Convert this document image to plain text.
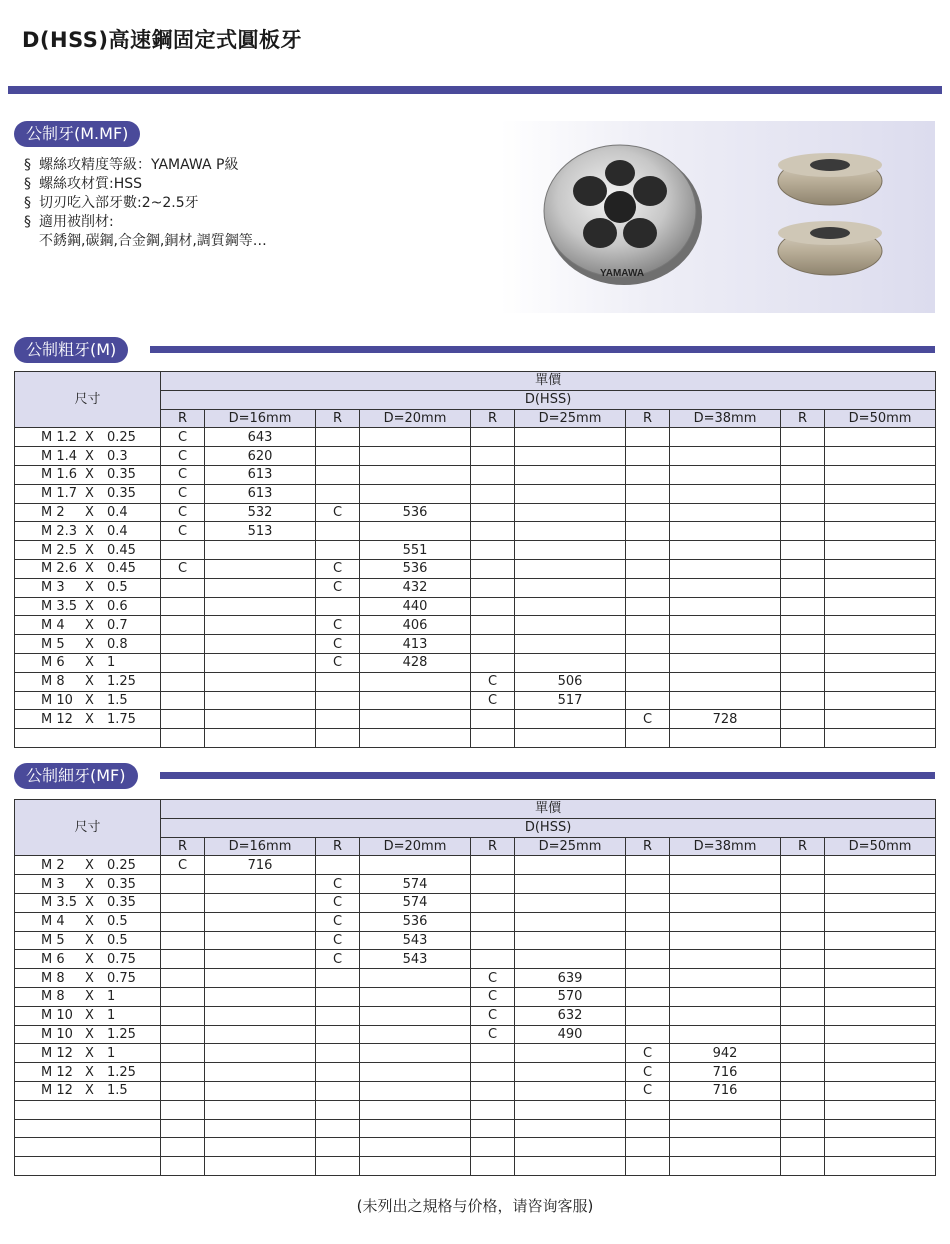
D(HSS)高速鋼固定式圓板牙
公制牙(M.MF)
§ 螺絲攻精度等級：YAMAWA P級
§ 螺絲攻材質:HSS
§ 切刃吃入部牙數:2~2.5牙
§ 適用被削材:
不銹鋼,碳鋼,合金鋼,銅材,調質鋼等…
YAMAWA
公制粗牙(M)
尺寸	單價									
	D(HSS)									
	R	D=16mm	R	D=20mm	R	D=25mm	R	D=38mm	R	D=50mm
M 1.2 X 0.25	C	643								
M 1.4 X 0.3	C	620								
M 1.6 X 0.35	C	613								
M 1.7 X 0.35	C	613								
M 2 X 0.4	C	532	C	536						
M 2.3 X 0.4	C	513								
M 2.5 X 0.45				551						
M 2.6 X 0.45	C		C	536						
M 3 X 0.5			C	432						
M 3.5 X 0.6				440						
M 4 X 0.7			C	406						
M 5 X 0.8			C	413						
M 6 X 1			C	428						
M 8 X 1.25					C	506				
M 10 X 1.5					C	517				
M 12 X 1.75							C	728		

公制細牙(MF)
尺寸	單價									
	D(HSS)									
	R	D=16mm	R	D=20mm	R	D=25mm	R	D=38mm	R	D=50mm
M 2 X 0.25	C	716								
M 3 X 0.35			C	574						
M 3.5 X 0.35			C	574						
M 4 X 0.5			C	536						
M 5 X 0.5			C	543						
M 6 X 0.75			C	543						
M 8 X 0.75					C	639				
M 8 X 1					C	570				
M 10 X 1					C	632				
M 10 X 1.25					C	490				
M 12 X 1							C	942		
M 12 X 1.25							C	716		
M 12 X 1.5							C	716		

(未列出之規格与价格，请咨询客服)
